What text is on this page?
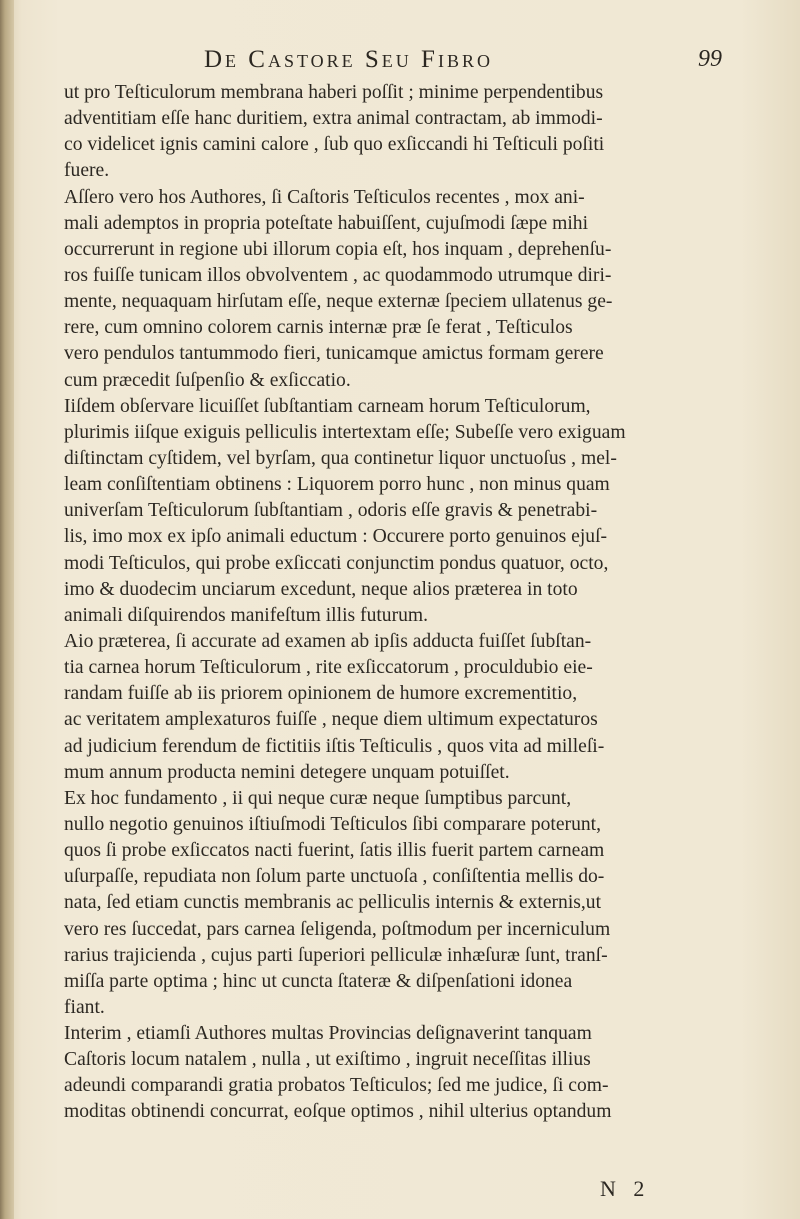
De Castore Seu Fibro	99
ut pro Teſticulorum membrana haberi poſſit ; minime perpendentibus
adventitiam eſſe hanc duritiem, extra animal contractam, ab immodi-
co videlicet ignis camini calore , ſub quo exſiccandi hi Teſticuli poſiti
fuere.
Aſſero vero hos Authores, ſi Caſtoris Teſticulos recentes , mox ani-
mali ademptos in propria poteſtate habuiſſent, cujuſmodi ſæpe mihi
occurrerunt in regione ubi illorum copia eſt, hos inquam , deprehenſu-
ros fuiſſe tunicam illos obvolventem , ac quodammodo utrumque diri-
mente, nequaquam hirſutam eſſe, neque externæ ſpeciem ullatenus ge-
rere, cum omnino colorem carnis internæ præ ſe ferat , Teſticulos
vero pendulos tantummodo fieri, tunicamque amictus formam gerere
cum præcedit ſuſpenſio & exſiccatio.
Iiſdem obſervare licuiſſet ſubſtantiam carneam horum Teſticulorum,
plurimis iiſque exiguis pelliculis intertextam eſſe; Subeſſe vero exiguam
diſtinctam cyſtidem, vel byrſam, qua continetur liquor unctuoſus , mel-
leam conſiſtentiam obtinens : Liquorem porro hunc , non minus quam
univerſam Teſticulorum ſubſtantiam , odoris eſſe gravis & penetrabi-
lis, imo mox ex ipſo animali eductum : Occurere porto genuinos ejuſ-
modi Teſticulos, qui probe exſiccati conjunctim pondus quatuor, octo,
imo & duodecim unciarum excedunt, neque alios præterea in toto
animali diſquirendos manifeſtum illis futurum.
Aio præterea, ſi accurate ad examen ab ipſis adducta fuiſſet ſubſtan-
tia carnea horum Teſticulorum , rite exſiccatorum , proculdubio eie-
randam fuiſſe ab iis priorem opinionem de humore excrementitio,
ac veritatem amplexaturos fuiſſe , neque diem ultimum expectaturos
ad judicium ferendum de fictitiis iſtis Teſticulis , quos vita ad milleſi-
mum annum producta nemini detegere unquam potuiſſet.
Ex hoc fundamento , ii qui neque curæ neque ſumptibus parcunt,
nullo negotio genuinos iſtiuſmodi Teſticulos ſibi comparare poterunt,
quos ſi probe exſiccatos nacti fuerint, ſatis illis fuerit partem carneam
uſurpaſſe, repudiata non ſolum parte unctuoſa , conſiſtentia mellis do-
nata, ſed etiam cunctis membranis ac pelliculis internis & externis,ut
vero res ſuccedat, pars carnea ſeligenda, poſtmodum per incerniculum
rarius trajicienda , cujus parti ſuperiori pelliculæ inhæſuræ ſunt, tranſ-
miſſa parte optima ; hinc ut cuncta ſtateræ & diſpenſationi idonea
fiant.
Interim , etiamſi Authores multas Provincias deſignaverint tanquam
Caſtoris locum natalem , nulla , ut exiſtimo , ingruit neceſſitas illius
adeundi comparandi gratia probatos Teſticulos; ſed me judice, ſi com-
moditas obtinendi concurrat, eoſque optimos , nihil ulterius optandum
N 2
